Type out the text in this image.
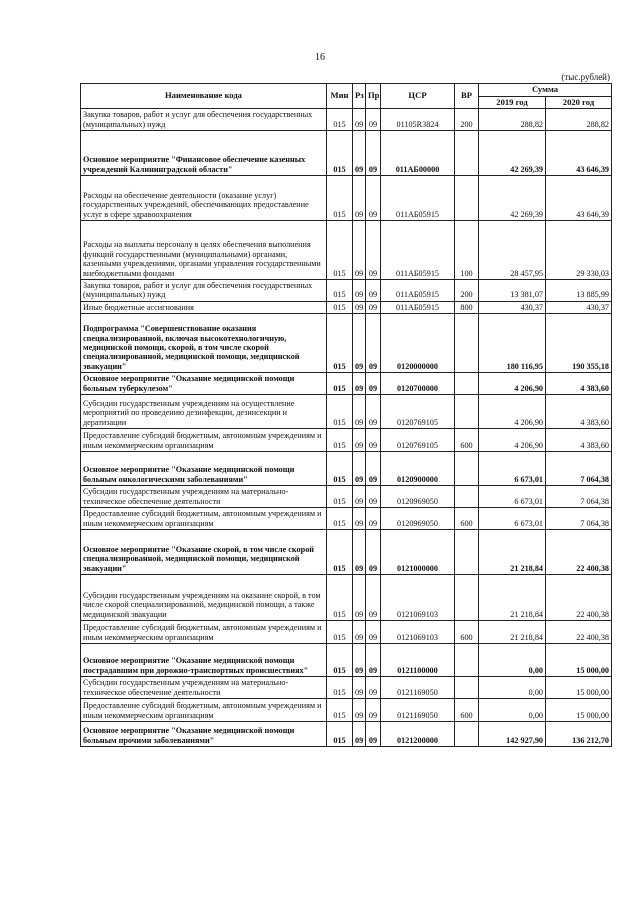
16
(тыс.рублей)
Наименование кода	Мин	Рз	Пр	ЦСР	ВР	Сумма	
						2019 год	2020 год
Закупка товаров, работ и услуг для обеспечения государственных (муниципальных) нужд	015	09	09	01105R3824	200	288,82	288,82
Основное мероприятие "Финансовое обеспечение казенных учреждений Калининградской области"	015	09	09	011АБ00000		42 269,39	43 646,39
Расходы на обеспечение деятельности (оказание услуг) государственных учреждений, обеспечивающих предоставление услуг в сфере здравоохранения	015	09	09	011АБ05915		42 269,39	43 646,39
Расходы на выплаты персоналу в целях обеспечения выполнения функций государственными (муниципальными) органами, казенными учреждениями, органами управления государственными внебюджетными фондами	015	09	09	011АБ05915	100	28 457,95	29 330,03
Закупка товаров, работ и услуг для обеспечения государственных (муниципальных) нужд	015	09	09	011АБ05915	200	13 381,07	13 885,99
Иные бюджетные ассигнования	015	09	09	011АБ05915	800	430,37	430,37
Подпрограмма "Совершенствование оказания специализированной, включая высокотехнологичную, медицинской помощи, скорой, в том числе скорой специализированной, медицинской помощи, медицинской эвакуации"	015	09	09	0120000000		180 116,95	190 355,18
Основное мероприятие "Оказание медицинской помощи больным туберкулезом"	015	09	09	0120700000		4 206,90	4 383,60
Субсидии государственным учреждениям на осуществление мероприятий по проведению дезинфекции, дезинсекции и дератизации	015	09	09	0120769105		4 206,90	4 383,60
Предоставление субсидий бюджетным, автономным учреждениям и иным некоммерческим организациям	015	09	09	0120769105	600	4 206,90	4 383,60
Основное мероприятие "Оказание медицинской помощи больным онкологическими заболеваниями"	015	09	09	0120900000		6 673,01	7 064,38
Субсидии государственным учреждениям на материально-техническое обеспечение деятельности	015	09	09	0120969050		6 673,01	7 064,38
Предоставление субсидий бюджетным, автономным учреждениям и иным некоммерческим организациям	015	09	09	0120969050	600	6 673,01	7 064,38
Основное мероприятие "Оказание скорой, в том числе скорой специализированной, медицинской помощи, медицинской эвакуации"	015	09	09	0121000000		21 218,84	22 400,38
Субсидии государственным учреждениям на оказание скорой, в том числе скорой специализированной, медицинской помощи, а также медицинской эвакуации	015	09	09	0121069103		21 218,84	22 400,38
Предоставление субсидий бюджетным, автономным учреждениям и иным некоммерческим организациям	015	09	09	0121069103	600	21 218,84	22 400,38
Основное мероприятие "Оказание медицинской помощи пострадавшим при дорожно-транспортных происшествиях"	015	09	09	0121100000		0,00	15 000,00
Субсидии государственным учреждениям на материально-техническое обеспечение деятельности	015	09	09	0121169050		0,00	15 000,00
Предоставление субсидий бюджетным, автономным учреждениям и иным некоммерческим организациям	015	09	09	0121169050	600	0,00	15 000,00
Основное мероприятие "Оказание медицинской помощи больным прочими заболеваниями"	015	09	09	0121200000		142 927,90	136 212,70
